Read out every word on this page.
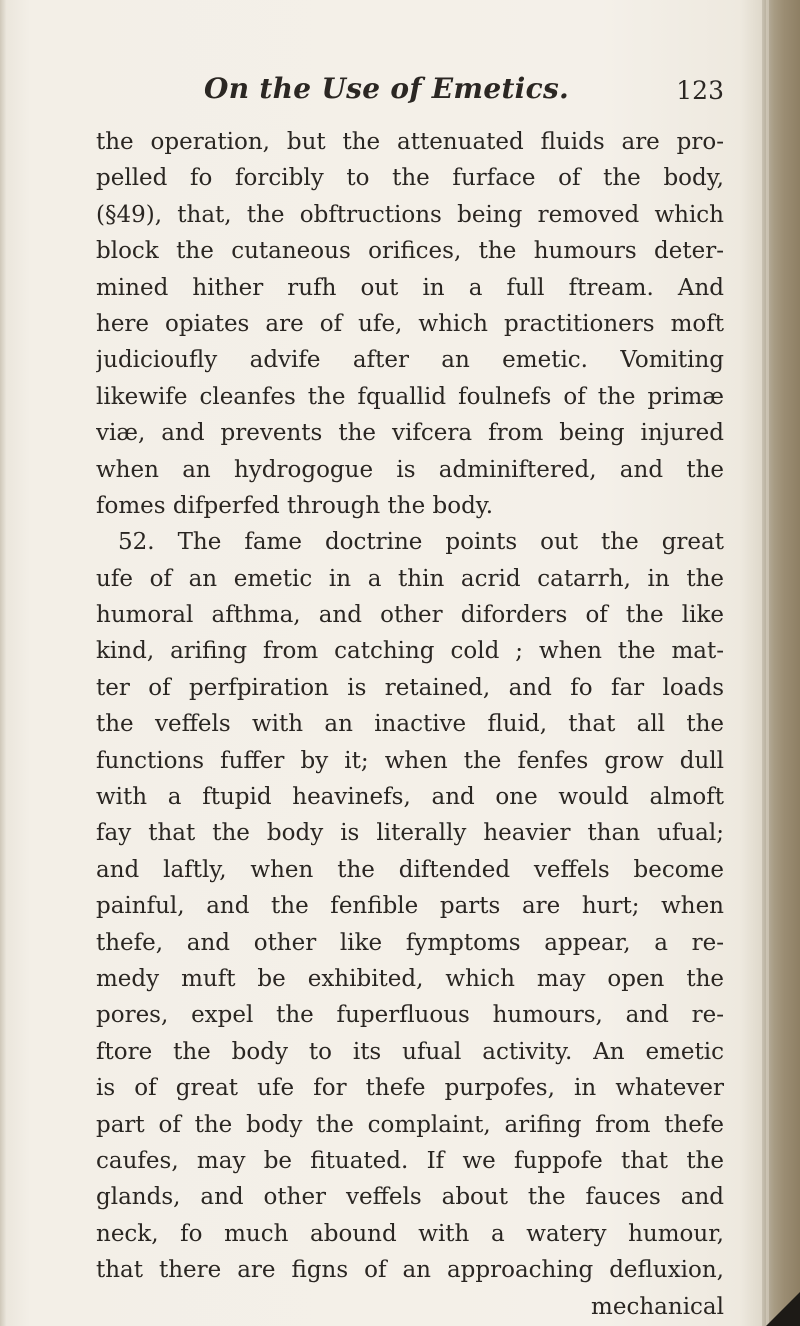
On the Use of Emetics.	123
the operation, but the attenuated fluids are pro-
pelled fo forcibly to the furface of the body,
(§49), that, the obftructions being removed which
block the cutaneous orifices, the humours deter-
mined hither rufh out in a full ftream. And
here opiates are of ufe, which practitioners moft
judicioufly advife after an emetic. Vomiting
likewife cleanfes the fquallid foulnefs of the primæ
viæ, and prevents the vifcera from being injured
when an hydrogogue is adminiftered, and the
fomes difperfed through the body.
52. The fame doctrine points out the great
ufe of an emetic in a thin acrid catarrh, in the
humoral afthma, and other diforders of the like
kind, arifing from catching cold ; when the mat-
ter of perfpiration is retained, and fo far loads
the veffels with an inactive fluid, that all the
functions fuffer by it; when the fenfes grow dull
with a ftupid heavinefs, and one would almoft
fay that the body is literally heavier than ufual;
and laftly, when the diftended veffels become
painful, and the fenfible parts are hurt; when
thefe, and other like fymptoms appear, a re-
medy muft be exhibited, which may open the
pores, expel the fuperfluous humours, and re-
ftore the body to its ufual activity. An emetic
is of great ufe for thefe purpofes, in whatever
part of the body the complaint, arifing from thefe
caufes, may be fituated. If we fuppofe that the
glands, and other veffels about the fauces and
neck, fo much abound with a watery humour,
that there are figns of an approaching defluxion,
mechanical
